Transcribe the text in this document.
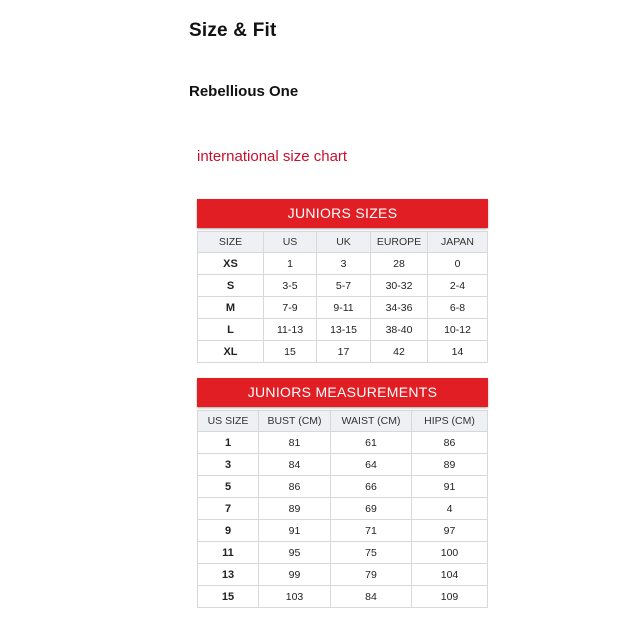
Size & Fit
Rebellious One
international size chart
JUNIORS SIZES
SIZE	US	UK	EUROPE	JAPAN
XS	1	3	28	0
S	3-5	5-7	30-32	2-4
M	7-9	9-11	34-36	6-8
L	11-13	13-15	38-40	10-12
XL	15	17	42	14
JUNIORS MEASUREMENTS
US SIZE	BUST (CM)	WAIST (CM)	HIPS (CM)
1	81	61	86
3	84	64	89
5	86	66	91
7	89	69	4
9	91	71	97
11	95	75	100
13	99	79	104
15	103	84	109
